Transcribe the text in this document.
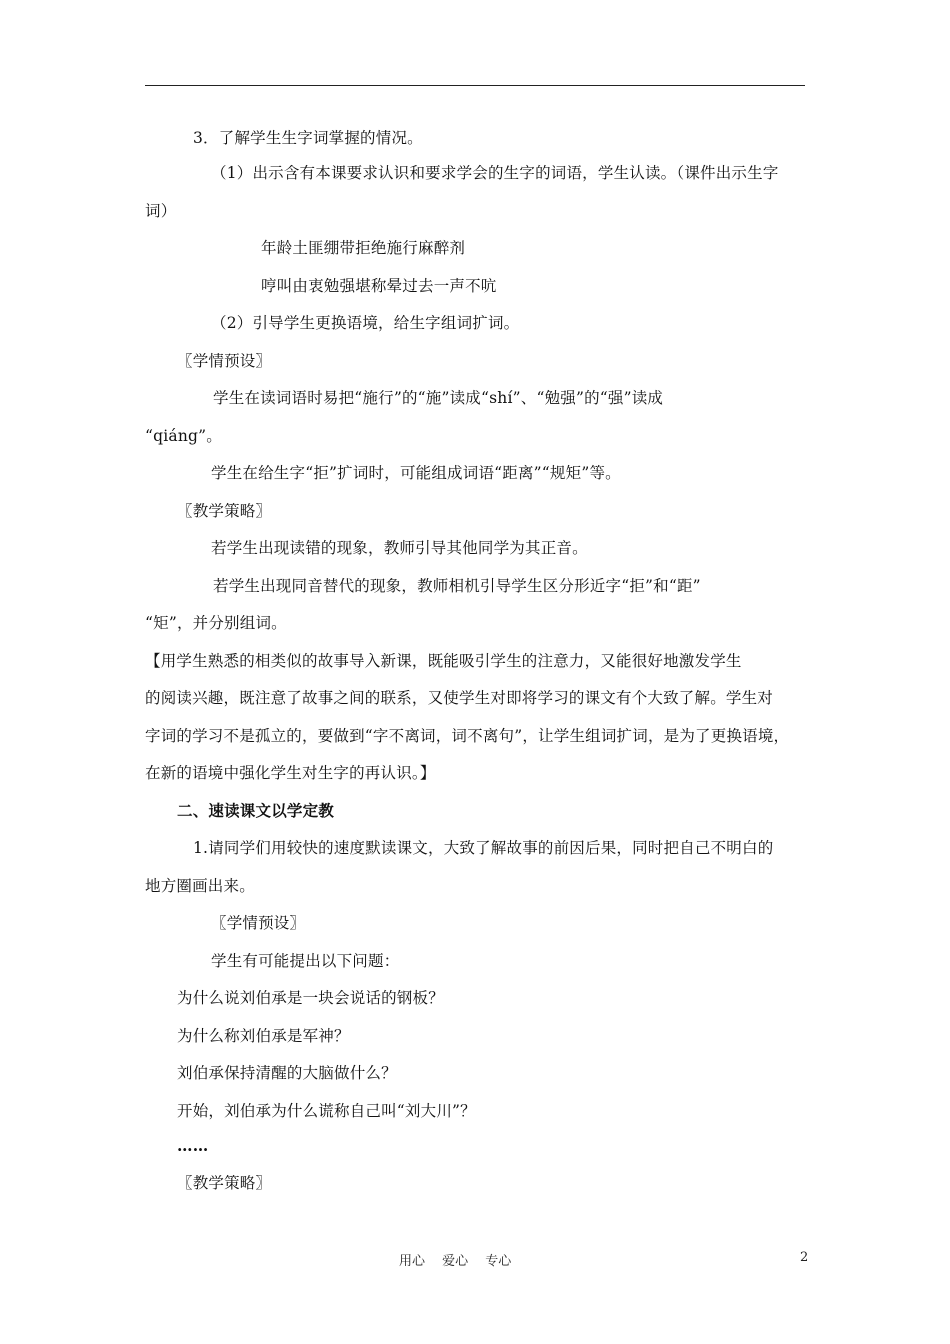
3．了解学生生字词掌握的情况。
（1）出示含有本课要求认识和要求学会的生字的词语，学生认读。（课件出示生字
词）
年龄土匪绷带拒绝施行麻醉剂
哼叫由衷勉强堪称晕过去一声不吭
（2）引导学生更换语境，给生字组词扩词。
〖学情预设〗
学生在读词语时易把“施行”的“施”读成“shí”、“勉强”的“强”读成
“qiáng”。
学生在给生字“拒”扩词时，可能组成词语“距离”“规矩”等。
〖教学策略〗
若学生出现读错的现象，教师引导其他同学为其正音。
若学生出现同音替代的现象，教师相机引导学生区分形近字“拒”和“距”
“矩”，并分别组词。
【用学生熟悉的相类似的故事导入新课，既能吸引学生的注意力，又能很好地激发学生
的阅读兴趣，既注意了故事之间的联系，又使学生对即将学习的课文有个大致了解。学生对
字词的学习不是孤立的，要做到“字不离词，词不离句”，让学生组词扩词，是为了更换语境，
在新的语境中强化学生对生字的再认识。】
二、速读课文以学定教
1.请同学们用较快的速度默读课文，大致了解故事的前因后果，同时把自己不明白的
地方圈画出来。
〖学情预设〗
学生有可能提出以下问题：
为什么说刘伯承是一块会说话的钢板？
为什么称刘伯承是军神？
刘伯承保持清醒的大脑做什么？
开始，刘伯承为什么谎称自己叫“刘大川”？
……
〖教学策略〗
用心　 爱心　 专心	2
